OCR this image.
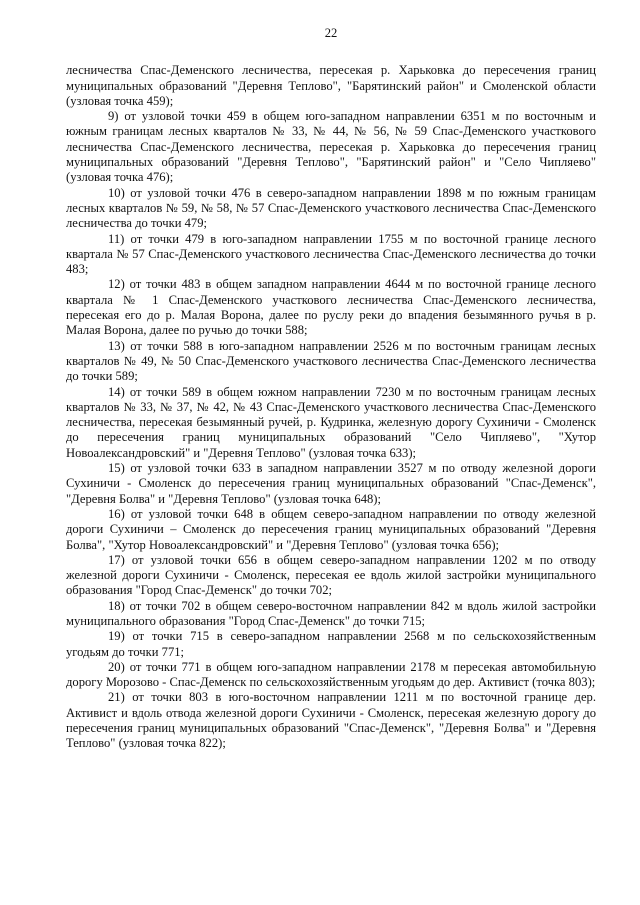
22

лесничества Спас-Деменского лесничества, пересекая р. Харьковка до пересечения границ муниципальных образований "Деревня Теплово", "Барятинский район" и Смоленской области (узловая точка 459);

9) от узловой точки 459 в общем юго-западном направлении 6351 м по восточным и южным границам лесных кварталов № 33, № 44, № 56, № 59 Спас-Деменского участкового лесничества Спас-Деменского лесничества, пересекая р. Харьковка до пересечения границ муниципальных образований "Деревня Теплово", "Барятинский район" и "Село Чипляево" (узловая точка 476);

10) от узловой точки 476 в северо-западном направлении 1898 м по южным границам лесных кварталов № 59, № 58, № 57 Спас-Деменского участкового лесничества Спас-Деменского лесничества до точки 479;

11) от точки 479 в юго-западном направлении 1755 м по восточной границе лесного квартала № 57 Спас-Деменского участкового лесничества Спас-Деменского лесничества до точки 483;

12) от точки 483 в общем западном направлении 4644 м по восточной границе лесного квартала № 1 Спас-Деменского участкового лесничества Спас-Деменского лесничества, пересекая его до р. Малая Ворона, далее по руслу реки до впадения безымянного ручья в р. Малая Ворона, далее по ручью до точки 588;

13) от точки 588 в юго-западном направлении 2526 м по восточным границам лесных кварталов № 49, № 50 Спас-Деменского участкового лесничества Спас-Деменского лесничества до точки 589;

14) от точки 589 в общем южном направлении 7230 м по восточным границам лесных кварталов № 33, № 37, № 42, № 43 Спас-Деменского участкового лесничества Спас-Деменского лесничества, пересекая безымянный ручей, р. Кудринка, железную дорогу Сухиничи - Смоленск до пересечения границ муниципальных образований "Село Чипляево", "Хутор Новоалександровский" и "Деревня Теплово" (узловая точка 633);

15) от узловой точки 633 в западном направлении 3527 м по отводу железной дороги Сухиничи - Смоленск до пересечения границ муниципальных образований "Спас-Деменск", "Деревня Болва" и "Деревня Теплово" (узловая точка 648);

16) от узловой точки 648 в общем северо-западном направлении по отводу железной дороги Сухиничи – Смоленск до пересечения границ муниципальных образований "Деревня Болва", "Хутор Новоалександровский" и "Деревня Теплово" (узловая точка 656);

17) от узловой точки 656 в общем северо-западном направлении 1202 м по отводу железной дороги Сухиничи - Смоленск, пересекая ее вдоль жилой застройки муниципального образования "Город Спас-Деменск" до точки 702;

18) от точки 702 в общем северо-восточном направлении 842 м вдоль жилой застройки муниципального образования "Город Спас-Деменск" до точки 715;

19) от точки 715 в северо-западном направлении 2568 м по сельскохозяйственным угодьям до точки 771;

20) от точки 771 в общем юго-западном направлении 2178 м пересекая автомобильную дорогу Морозово - Спас-Деменск по сельскохозяйственным угодьям до дер. Активист (точка 803);

21) от точки 803 в юго-восточном направлении 1211 м по восточной границе дер. Активист и вдоль отвода железной дороги Сухиничи - Смоленск, пересекая железную дорогу до пересечения границ муниципальных образований "Спас-Деменск", "Деревня Болва" и "Деревня Теплово" (узловая точка 822);
